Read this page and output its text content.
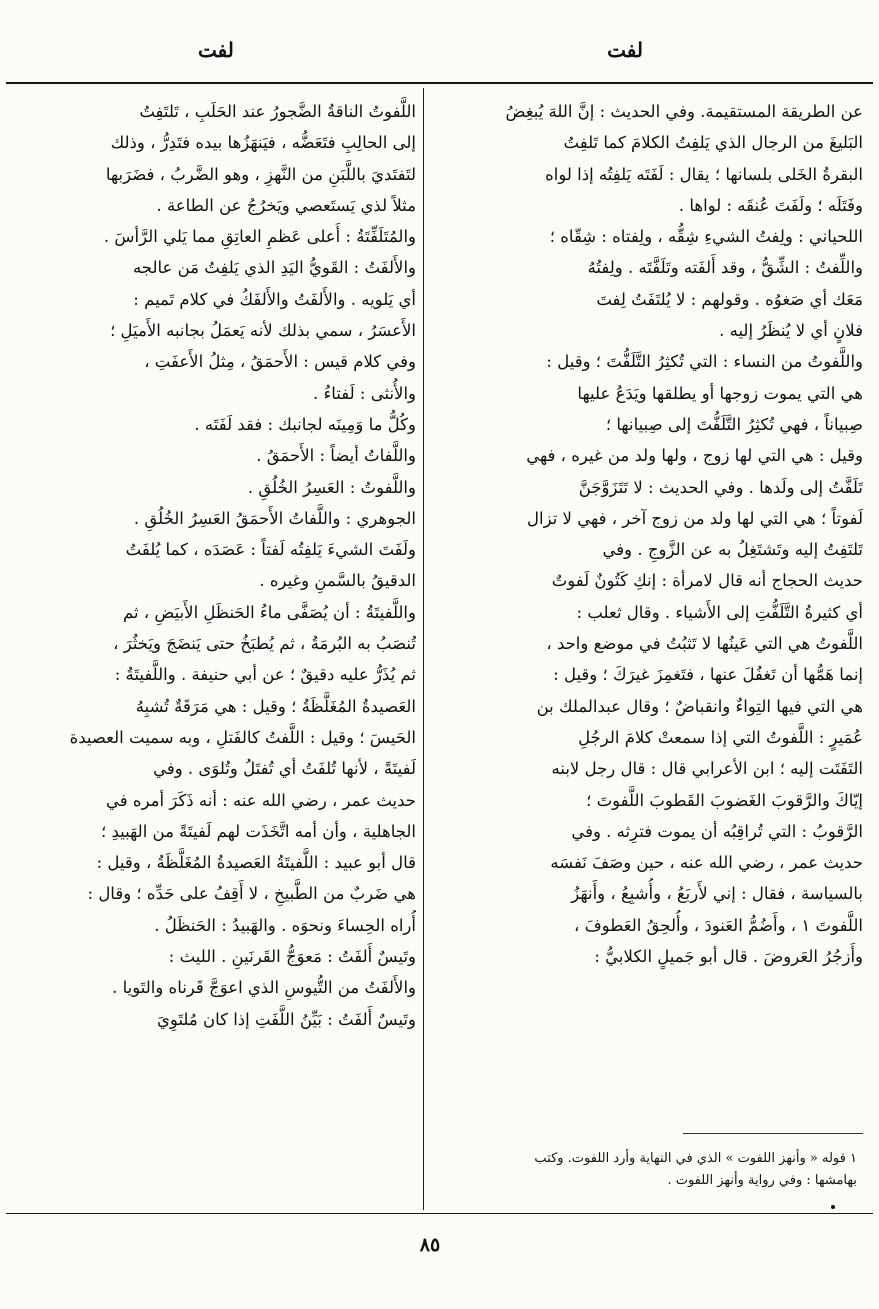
لفت
لفت
عن الطريقة المستقيمة. وفي الحديث : إنَّ اللهَ يُبغِضُ
البَليغَ من الرجال الذي يَلفِتُ الكلامَ كما تَلفِتُ
البقرةُ الخَلى بلسانها ؛ يقال : لَفَتَه يَلفِتُه إذا لواه
وفَتَلَه ؛ ولَفَتَ عُنقَه : لواها .
اللحياني : ولِفتُ الشيءِ شِقُّه ، ولِفتاه : شِقّاه ؛
واللِّفتُ : الشِّقُّ ، وقد أَلفَته وتَلَفَّتَه . ولِفتُهُ
مَعَك أي صَغوُه . وقولهم : لا يُلتَفَتُ لِفتَ
فلانٍ أي لا يُنظَرُ إليه .
واللَّفوتُ من النساء : التي تُكثِرُ التَّلَفُّتَ ؛ وقيل :
هي التي يموت زوجها أو يطلقها ويَدَعُ عليها
صِبياناً ، فهي تُكثِرُ التَّلَفُّتَ إلى صِبيانها ؛
وقيل : هي التي لها زوج ، ولها ولد من غيره ، فهي
تَلَفَّتُ إلى ولَدها . وفي الحديث : لا تَتَزَوَّجَنَّ
لَفوتاً ؛ هي التي لها ولد من زوج آخر ، فهي لا تزال
تَلتَفِتُ إليه وتَشتَغِلُ به عن الزَّوجِ . وفي
حديث الحجاج أنه قال لامرأة : إنكِ كَتُونٌ لَفوتٌ
أي كثيرةُ التَّلَفُّتِ إلى الأَشياء . وقال ثعلب :
اللَّفوتُ هي التي عَينُها لا تَثبُتُ في موضع واحد ،
إنما هَمُّها أن تَغفُلَ عنها ، فتَغمِزَ غيرَكَ ؛ وقيل :
هي التي فيها التِواءٌ وانقباضٌ ؛ وقال عبدالملك بن
عُمَيرٍ : اللَّفوتُ التي إذا سمعتْ كلامَ الرجُلِ
التَفَتَت إليه ؛ ابن الأعرابي قال : قال رجل لابنه
إيّاكَ والرَّقوبَ الغَضوبَ القَطوبَ اللَّفوتَ ؛
الرَّقوبُ : التي تُراقِبُه أن يموت فترِثه . وفي
حديث عمر ، رضي الله عنه ، حين وصَفَ نَفسَه
بالسياسة ، فقال : إني لأَربَعُ ، وأُشبِعُ ، وأَنهَزُ
اللَّفوتَ ١ ، وأَضُمُّ العَنودَ ، وأُلحِقُ العَطوفَ ،
وأَزجُرُ العَروضَ . قال أبو جَميلٍ الكلابيُّ :
اللَّفوتُ الناقةُ الضَّجورُ عند الحَلَبِ ، تَلتَفِتُ
إلى الحالِبِ فتَعَضُّه ، فيَنهَزُها بيده فتَدِرُّ ، وذلك
لتَفتَديَ باللَّبَنِ من النَّهزِ ، وهو الضَّربُ ، فضَرَبها
مثلاً لذي يَستَعصي ويَخرُجُ عن الطاعة .
والمُتَلَفِّتَةُ : أَعلى عَظمِ العاتِقِ مما يَلي الرَّأسَ .
والأَلفَتُ : القَويُّ اليَدِ الذي يَلفِتُ مَن عالجه
أي يَلويه . والأَلفَتُ والأَلفَكُ في كلام تَميم :
الأَعسَرُ ، سمي بذلك لأنه يَعمَلُ بجانبه الأَميَلِ ؛
وفي كلام قيس : الأَحمَقُ ، مِثلُ الأَعفَتِ ،
والأُنثى : لَفتاءُ .
وكُلُّ ما وَمِينَه لجانبك : فقد لَفَتَه .
واللَّفاتُ أيضاً : الأَحمَقُ .
واللَّفوتُ : العَسِرُ الخُلُقِ .
الجوهري : واللَّفاتُ الأَحمَقُ العَسِرُ الخُلُقِ .
ولَفَتَ الشيءَ يَلفِتُه لَفتاً : عَصَدَه ، كما يُلفَتُ
الدقيقُ بالسَّمنِ وغيره .
واللَّفيتَةُ : أن يُصَفَّى ماءُ الحَنظَلِ الأَبيَضِ ، ثم
تُنصَبُ به البُرمَةُ ، ثم يُطبَخُ حتى يَنضَجَ ويَخثُرَ ،
ثم يُذَرُّ عليه دقيقٌ ؛ عن أبي حنيفة . واللَّفيتَةُ :
العَصيدةُ المُغَلَّظَةُ ؛ وقيل : هي مَرَقَةٌ تُشبِهُ
الحَيسَ ؛ وقيل : اللَّفتُ كالفَتلِ ، وبه سميت العصيدة
لَفيتَةً ، لأنها تُلفَتُ أي تُفتَلُ وتُلوَى . وفي
حديث عمر ، رضي الله عنه : أنه ذَكَرَ أمره في
الجاهلية ، وأن أمه اتَّخَذَت لهم لَفيتَةً من الهَبيدِ ؛
قال أبو عبيد : اللَّفيتَةُ العَصيدةُ المُغَلَّظَةُ ، وقيل :
هي ضَربٌ من الطَّبيخِ ، لا أَقِفُ على حَدِّه ؛ وقال :
أُراه الحِساءَ ونحوَه . والهَبيدُ : الحَنظَلُ .
وتَيسٌ أَلفَتُ : مَعوَجُّ القَرنَينِ . الليث :
والأَلفَتُ من التُّيوسِ الذي اعوَجَّ قَرناه والتَويا .
وتَيسٌ أَلفَتُ : بَيِّنُ اللَّفَتِ إذا كان مُلتَوِيَ
١ قوله « وأنهز اللفوت » الذي في النهاية وأرد اللفوت. وكتب
بهامشها : وفي رواية وأنهز اللفوت .
٨٥
